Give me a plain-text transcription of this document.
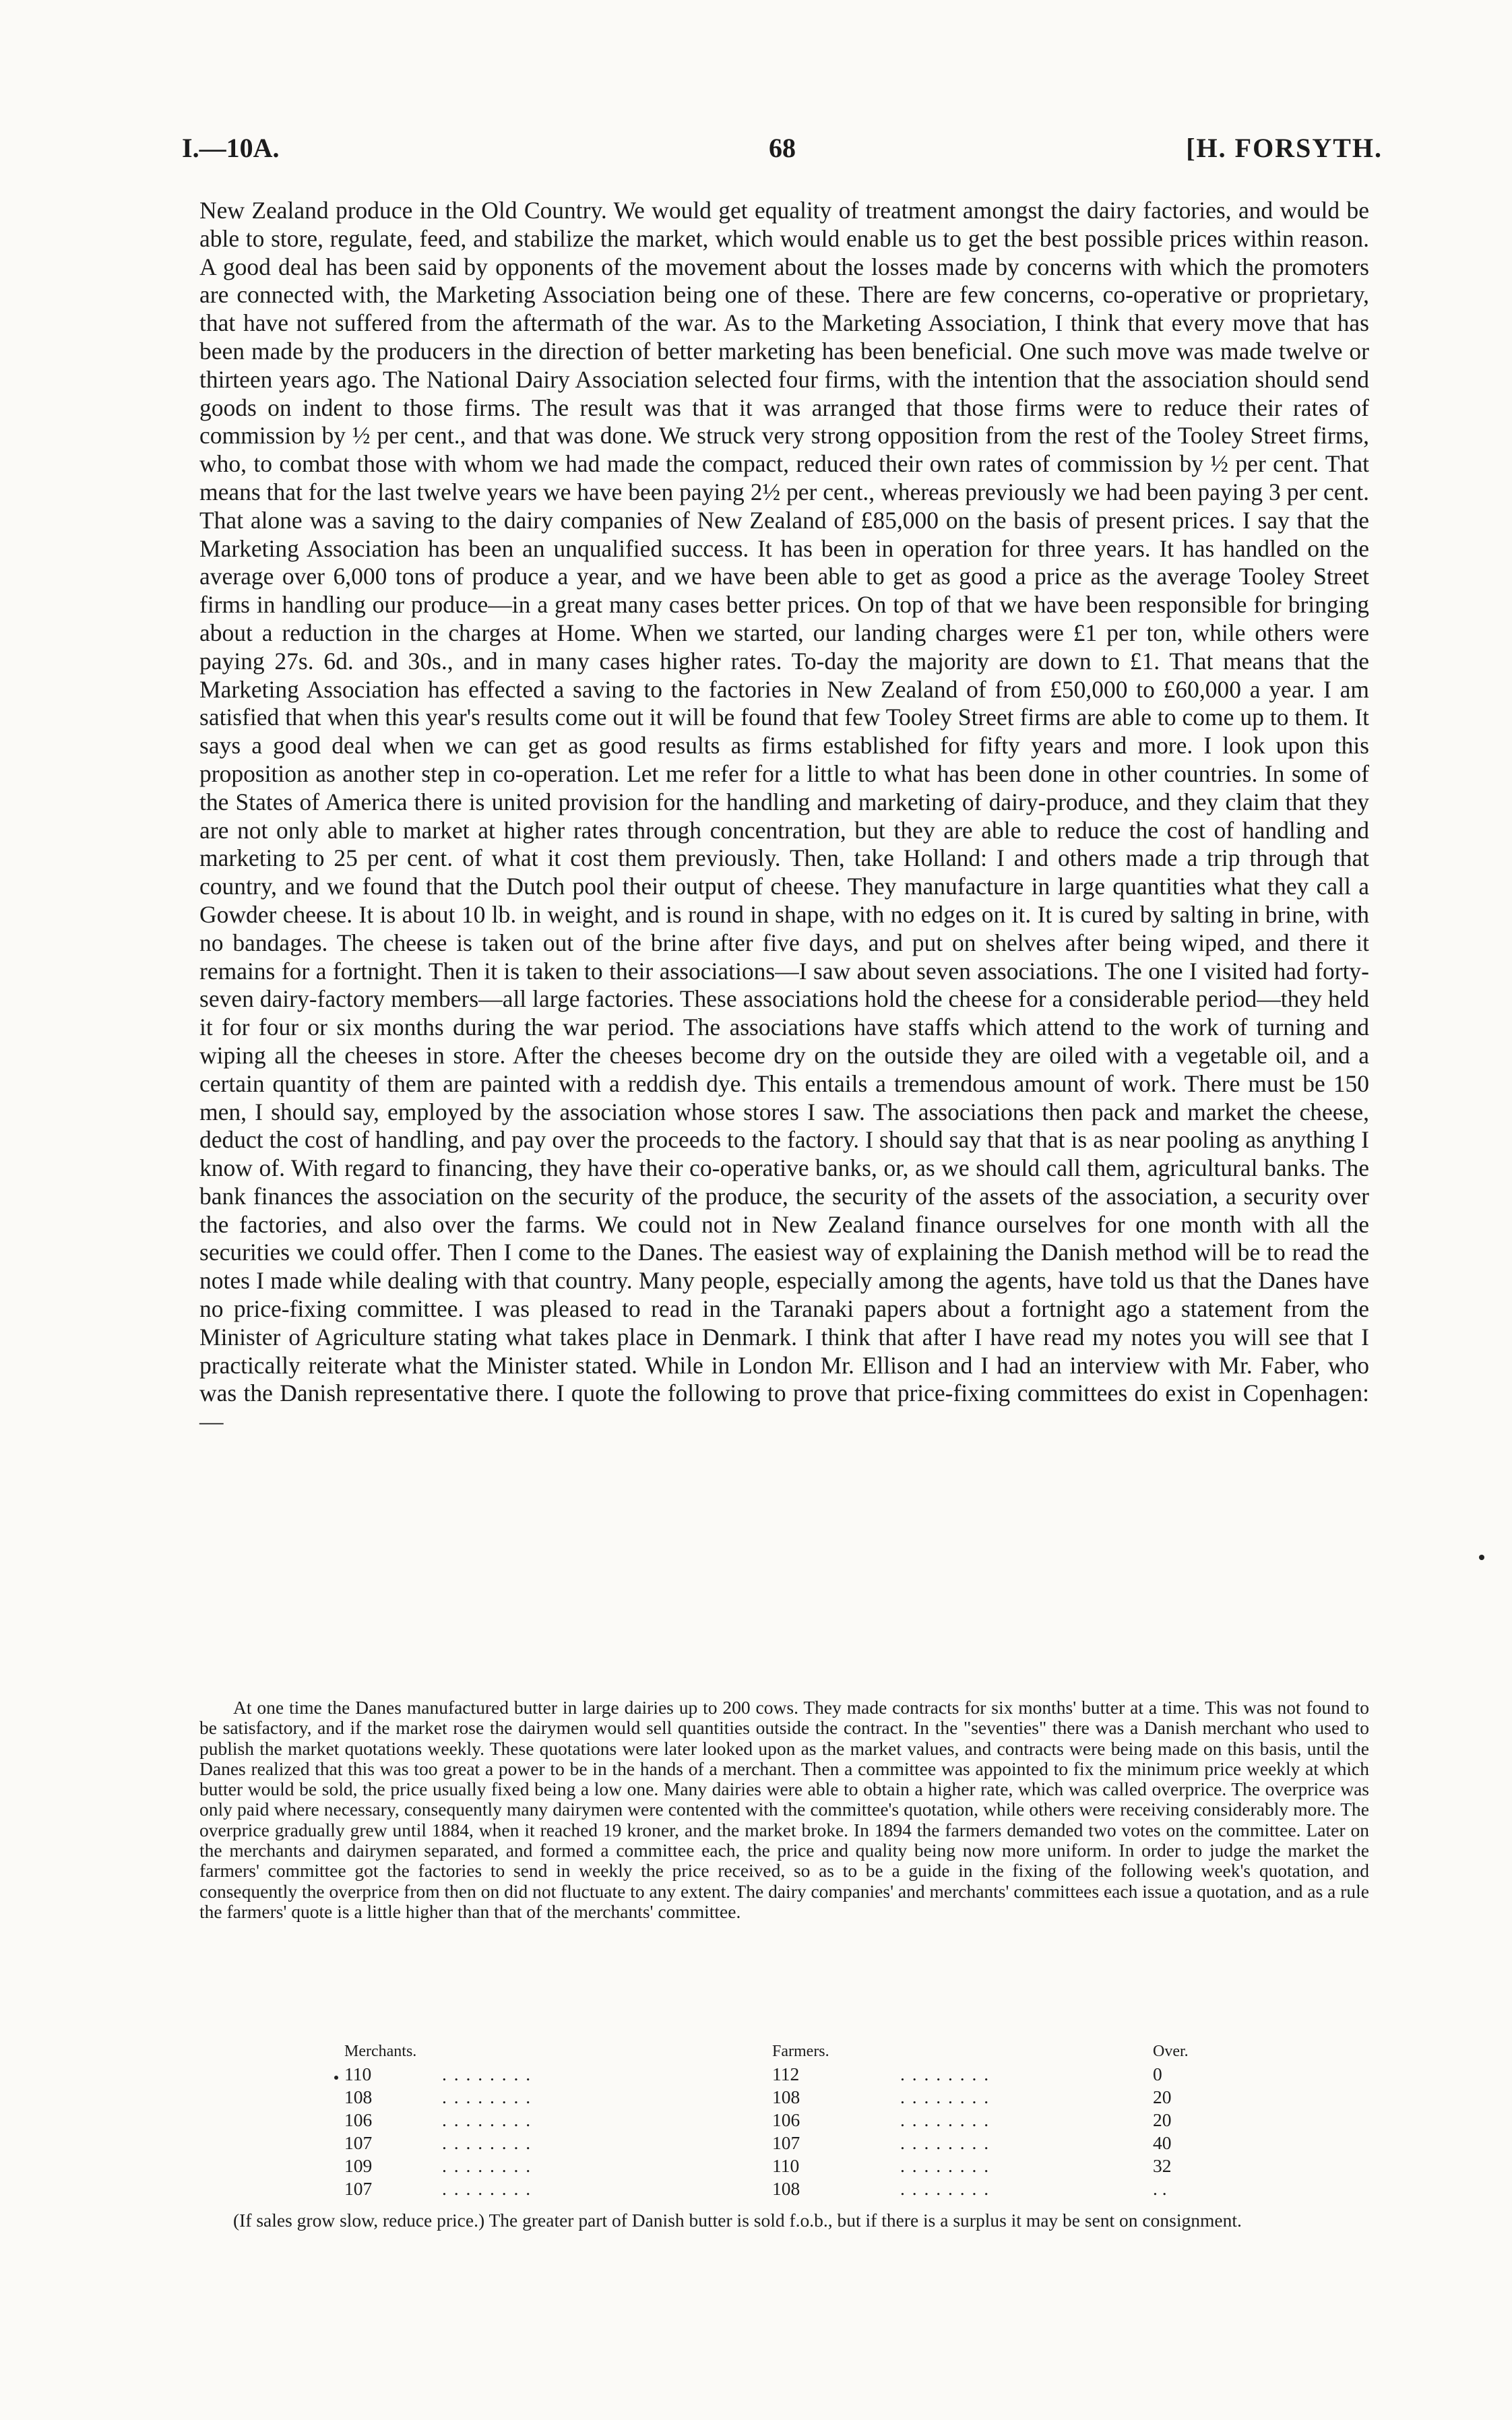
I.—10A.	68	[H. FORSYTH.

New Zealand produce in the Old Country. We would get equality of treatment amongst the dairy factories, and would be able to store, regulate, feed, and stabilize the market, which would enable us to get the best possible prices within reason. A good deal has been said by opponents of the movement about the losses made by concerns with which the promoters are connected with, the Marketing Association being one of these. There are few concerns, co-operative or proprietary, that have not suffered from the aftermath of the war. As to the Marketing Association, I think that every move that has been made by the producers in the direction of better marketing has been beneficial. One such move was made twelve or thirteen years ago. The National Dairy Association selected four firms, with the intention that the association should send goods on indent to those firms. The result was that it was arranged that those firms were to reduce their rates of commission by ½ per cent., and that was done. We struck very strong opposition from the rest of the Tooley Street firms, who, to combat those with whom we had made the compact, reduced their own rates of commission by ½ per cent. That means that for the last twelve years we have been paying 2½ per cent., whereas previously we had been paying 3 per cent. That alone was a saving to the dairy companies of New Zealand of £85,000 on the basis of present prices. I say that the Marketing Association has been an unqualified success. It has been in operation for three years. It has handled on the average over 6,000 tons of produce a year, and we have been able to get as good a price as the average Tooley Street firms in handling our produce—in a great many cases better prices. On top of that we have been responsible for bringing about a reduction in the charges at Home. When we started, our landing charges were £1 per ton, while others were paying 27s. 6d. and 30s., and in many cases higher rates. To-day the majority are down to £1. That means that the Marketing Association has effected a saving to the factories in New Zealand of from £50,000 to £60,000 a year. I am satisfied that when this year's results come out it will be found that few Tooley Street firms are able to come up to them. It says a good deal when we can get as good results as firms established for fifty years and more. I look upon this proposition as another step in co-operation. Let me refer for a little to what has been done in other countries. In some of the States of America there is united provision for the handling and marketing of dairy-produce, and they claim that they are not only able to market at higher rates through concentration, but they are able to reduce the cost of handling and marketing to 25 per cent. of what it cost them previously. Then, take Holland: I and others made a trip through that country, and we found that the Dutch pool their output of cheese. They manufacture in large quantities what they call a Gowder cheese. It is about 10 lb. in weight, and is round in shape, with no edges on it. It is cured by salting in brine, with no bandages. The cheese is taken out of the brine after five days, and put on shelves after being wiped, and there it remains for a fortnight. Then it is taken to their associations—I saw about seven associations. The one I visited had forty-seven dairy-factory members—all large factories. These associations hold the cheese for a considerable period—they held it for four or six months during the war period. The associations have staffs which attend to the work of turning and wiping all the cheeses in store. After the cheeses become dry on the outside they are oiled with a vegetable oil, and a certain quantity of them are painted with a reddish dye. This entails a tremendous amount of work. There must be 150 men, I should say, employed by the association whose stores I saw. The associations then pack and market the cheese, deduct the cost of handling, and pay over the proceeds to the factory. I should say that that is as near pooling as anything I know of. With regard to financing, they have their co-operative banks, or, as we should call them, agricultural banks. The bank finances the association on the security of the produce, the security of the assets of the association, a security over the factories, and also over the farms. We could not in New Zealand finance ourselves for one month with all the securities we could offer. Then I come to the Danes. The easiest way of explaining the Danish method will be to read the notes I made while dealing with that country. Many people, especially among the agents, have told us that the Danes have no price-fixing committee. I was pleased to read in the Taranaki papers about a fortnight ago a statement from the Minister of Agriculture stating what takes place in Denmark. I think that after I have read my notes you will see that I practically reiterate what the Minister stated. While in London Mr. Ellison and I had an interview with Mr. Faber, who was the Danish representative there. I quote the following to prove that price-fixing committees do exist in Copenhagen:—

At one time the Danes manufactured butter in large dairies up to 200 cows. They made contracts for six months' butter at a time. This was not found to be satisfactory, and if the market rose the dairymen would sell quantities outside the contract. In the "seventies" there was a Danish merchant who used to publish the market quotations weekly. These quotations were later looked upon as the market values, and contracts were being made on this basis, until the Danes realized that this was too great a power to be in the hands of a merchant. Then a committee was appointed to fix the minimum price weekly at which butter would be sold, the price usually fixed being a low one. Many dairies were able to obtain a higher rate, which was called overprice. The overprice was only paid where necessary, consequently many dairymen were contented with the committee's quotation, while others were receiving considerably more. The overprice gradually grew until 1884, when it reached 19 kroner, and the market broke. In 1894 the farmers demanded two votes on the committee. Later on the merchants and dairymen separated, and formed a committee each, the price and quality being now more uniform. In order to judge the market the farmers' committee got the factories to send in weekly the price received, so as to be a guide in the fixing of the following week's quotation, and consequently the overprice from then on did not fluctuate to any extent. The dairy companies' and merchants' committees each issue a quotation, and as a rule the farmers' quote is a little higher than that of the merchants' committee.

Merchants.	Farmers.	Over.
110	. . . . . . . .	112	. . . . . . . .	0
108	. . . . . . . .	108	. . . . . . . .	20
106	. . . . . . . .	106	. . . . . . . .	20
107	. . . . . . . .	107	. . . . . . . .	40
109	. . . . . . . .	110	. . . . . . . .	32
107	. . . . . . . .	108	. . . . . . . .	. .

(If sales grow slow, reduce price.) The greater part of Danish butter is sold f.o.b., but if there is a surplus it may be sent on consignment.
